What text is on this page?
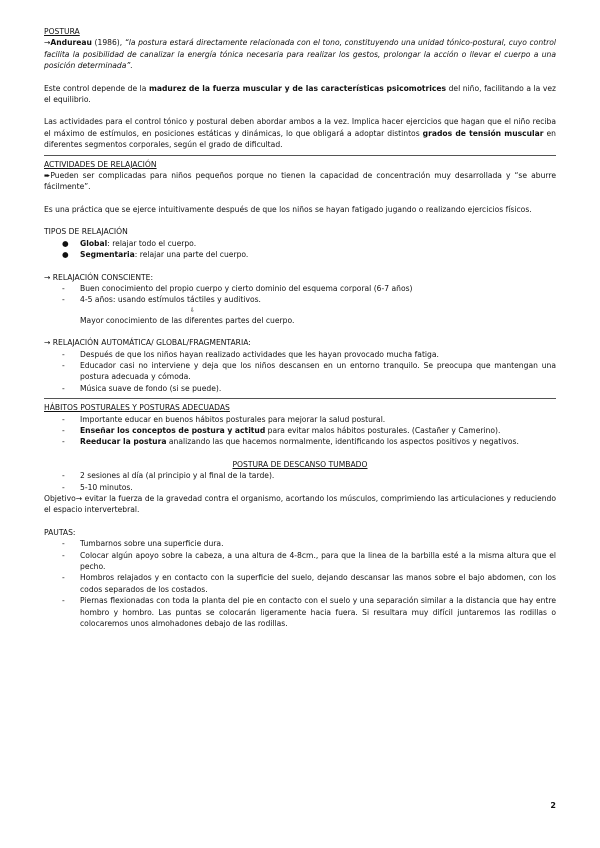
POSTURA

→Andureau (1986), “la postura estará directamente relacionada con el tono, constituyendo una unidad tónico-postural, cuyo control facilita la posibilidad de canalizar la energía tónica necesaria para realizar los gestos, prolongar la acción o llevar el cuerpo a una posición determinada”.

Este control depende de la madurez de la fuerza muscular y de las características psicomotrices del niño, facilitando a la vez el equilibrio.

Las actividades para el control tónico y postural deben abordar ambos a la vez. Implica hacer ejercicios que hagan que el niño reciba el máximo de estímulos, en posiciones estáticas y dinámicas, lo que obligará a adoptar distintos grados de tensión muscular en diferentes segmentos corporales, según el grado de dificultad.

ACTIVIDADES DE RELAJACIÓN

➨Pueden ser complicadas para niños pequeños porque no tienen la capacidad de concentración muy desarrollada y “se aburre fácilmente”.

Es una práctica que se ejerce intuitivamente después de que los niños se hayan fatigado jugando o realizando ejercicios físicos.

TIPOS DE RELAJACIÓN

● Global: relajar todo el cuerpo.
● Segmentaria: relajar una parte del cuerpo.

→ RELAJACIÓN CONSCIENTE:

- Buen conocimiento del propio cuerpo y cierto dominio del esquema corporal (6-7 años)
- 4-5 años: usando estímulos táctiles y auditivos.

⇩

Mayor conocimiento de las diferentes partes del cuerpo.

→ RELAJACIÓN AUTOMÁTICA/ GLOBAL/FRAGMENTARIA:

- Después de que los niños hayan realizado actividades que les hayan provocado mucha fatiga.
- Educador casi no interviene y deja que los niños descansen en un entorno tranquilo. Se preocupa que mantengan una postura adecuada y cómoda.
- Música suave de fondo (si se puede).

HÁBITOS POSTURALES Y POSTURAS ADECUADAS

- Importante educar en buenos hábitos posturales para mejorar la salud postural.
- Enseñar los conceptos de postura y actitud para evitar malos hábitos posturales. (Castañer y Camerino).
- Reeducar la postura analizando las que hacemos normalmente, identificando los aspectos positivos y negativos.

POSTURA DE DESCANSO TUMBADO

- 2 sesiones al día (al principio y al final de la tarde).
- 5-10 minutos.

Objetivo→ evitar la fuerza de la gravedad contra el organismo, acortando los músculos, comprimiendo las articulaciones y reduciendo el espacio intervertebral.

PAUTAS:

- Tumbarnos sobre una superficie dura.
- Colocar algún apoyo sobre la cabeza, a una altura de 4-8cm., para que la linea de la barbilla esté a la misma altura que el pecho.
- Hombros relajados y en contacto con la superficie del suelo, dejando descansar las manos sobre el bajo abdomen, con los codos separados de los costados.
- Piernas flexionadas con toda la planta del pie en contacto con el suelo y una separación similar a la distancia que hay entre hombro y hombro. Las puntas se colocarán ligeramente hacia fuera. Si resultara muy difícil juntaremos las rodillas o colocaremos unos almohadones debajo de las rodillas.
2
